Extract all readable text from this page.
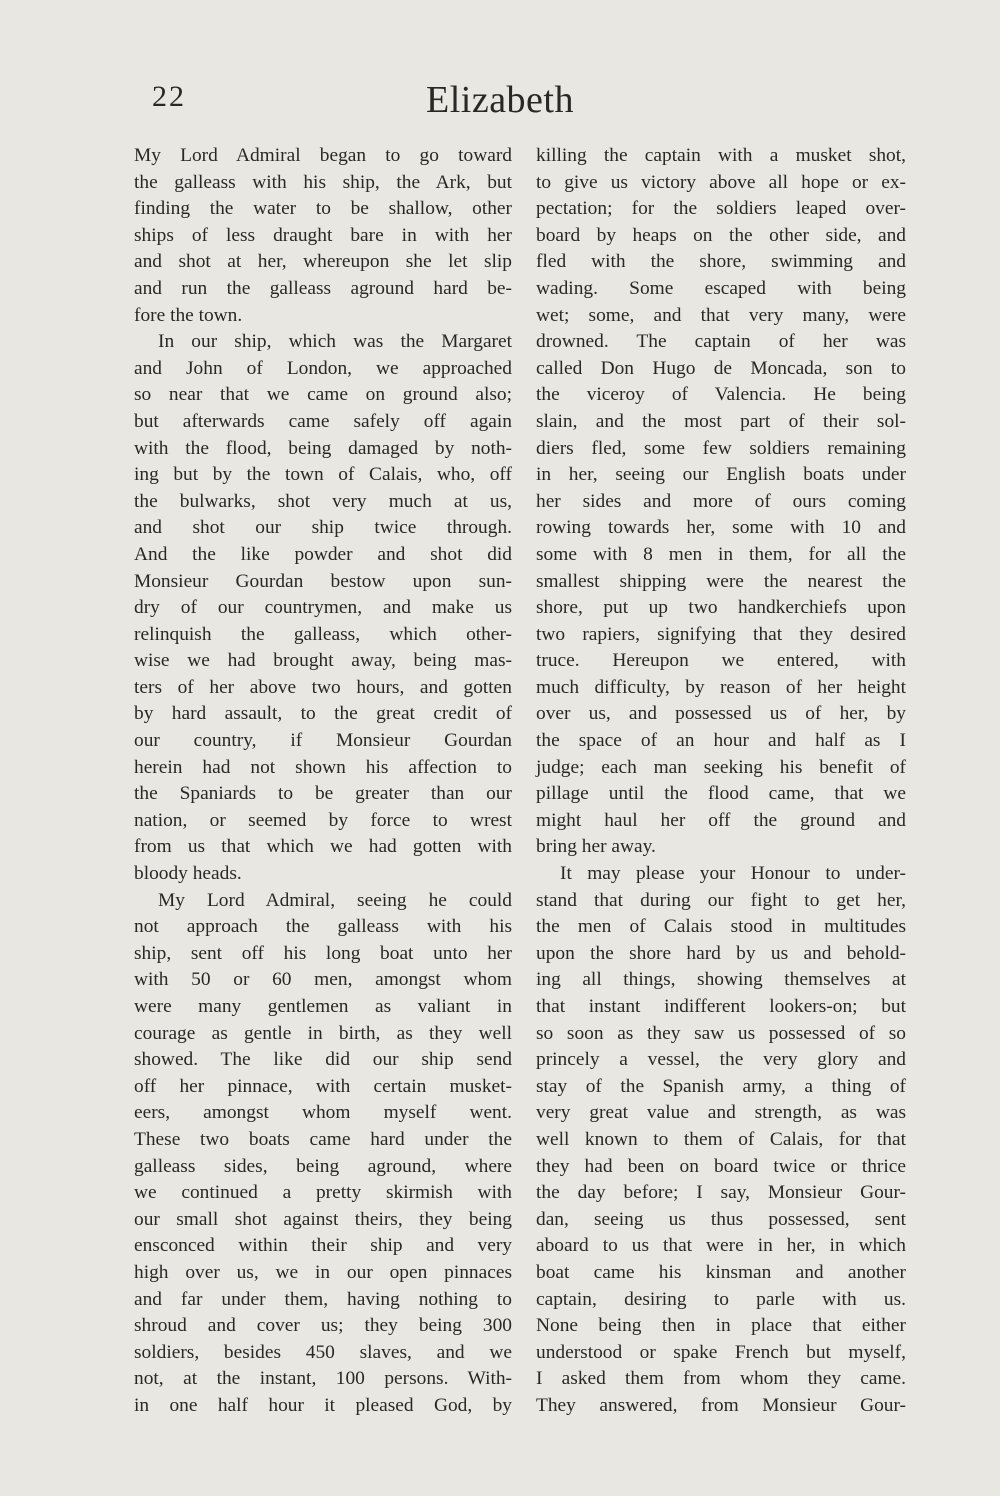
22	Elizabeth
My Lord Admiral began to go toward
the galleass with his ship, the Ark, but
finding the water to be shallow, other
ships of less draught bare in with her
and shot at her, whereupon she let slip
and run the galleass aground hard be-
fore the town.
In our ship, which was the Margaret
and John of London, we approached
so near that we came on ground also;
but afterwards came safely off again
with the flood, being damaged by noth-
ing but by the town of Calais, who, off
the bulwarks, shot very much at us,
and shot our ship twice through.
And the like powder and shot did
Monsieur Gourdan bestow upon sun-
dry of our countrymen, and make us
relinquish the galleass, which other-
wise we had brought away, being mas-
ters of her above two hours, and gotten
by hard assault, to the great credit of
our country, if Monsieur Gourdan
herein had not shown his affection to
the Spaniards to be greater than our
nation, or seemed by force to wrest
from us that which we had gotten with
bloody heads.
My Lord Admiral, seeing he could
not approach the galleass with his
ship, sent off his long boat unto her
with 50 or 60 men, amongst whom
were many gentlemen as valiant in
courage as gentle in birth, as they well
showed. The like did our ship send
off her pinnace, with certain musket-
eers, amongst whom myself went.
These two boats came hard under the
galleass sides, being aground, where
we continued a pretty skirmish with
our small shot against theirs, they being
ensconced within their ship and very
high over us, we in our open pinnaces
and far under them, having nothing to
shroud and cover us; they being 300
soldiers, besides 450 slaves, and we
not, at the instant, 100 persons. With-
in one half hour it pleased God, by
killing the captain with a musket shot,
to give us victory above all hope or ex-
pectation; for the soldiers leaped over-
board by heaps on the other side, and
fled with the shore, swimming and
wading. Some escaped with being
wet; some, and that very many, were
drowned. The captain of her was
called Don Hugo de Moncada, son to
the viceroy of Valencia. He being
slain, and the most part of their sol-
diers fled, some few soldiers remaining
in her, seeing our English boats under
her sides and more of ours coming
rowing towards her, some with 10 and
some with 8 men in them, for all the
smallest shipping were the nearest the
shore, put up two handkerchiefs upon
two rapiers, signifying that they desired
truce. Hereupon we entered, with
much difficulty, by reason of her height
over us, and possessed us of her, by
the space of an hour and half as I
judge; each man seeking his benefit of
pillage until the flood came, that we
might haul her off the ground and
bring her away.
It may please your Honour to under-
stand that during our fight to get her,
the men of Calais stood in multitudes
upon the shore hard by us and behold-
ing all things, showing themselves at
that instant indifferent lookers-on; but
so soon as they saw us possessed of so
princely a vessel, the very glory and
stay of the Spanish army, a thing of
very great value and strength, as was
well known to them of Calais, for that
they had been on board twice or thrice
the day before; I say, Monsieur Gour-
dan, seeing us thus possessed, sent
aboard to us that were in her, in which
boat came his kinsman and another
captain, desiring to parle with us.
None being then in place that either
understood or spake French but myself,
I asked them from whom they came.
They answered, from Monsieur Gour-
